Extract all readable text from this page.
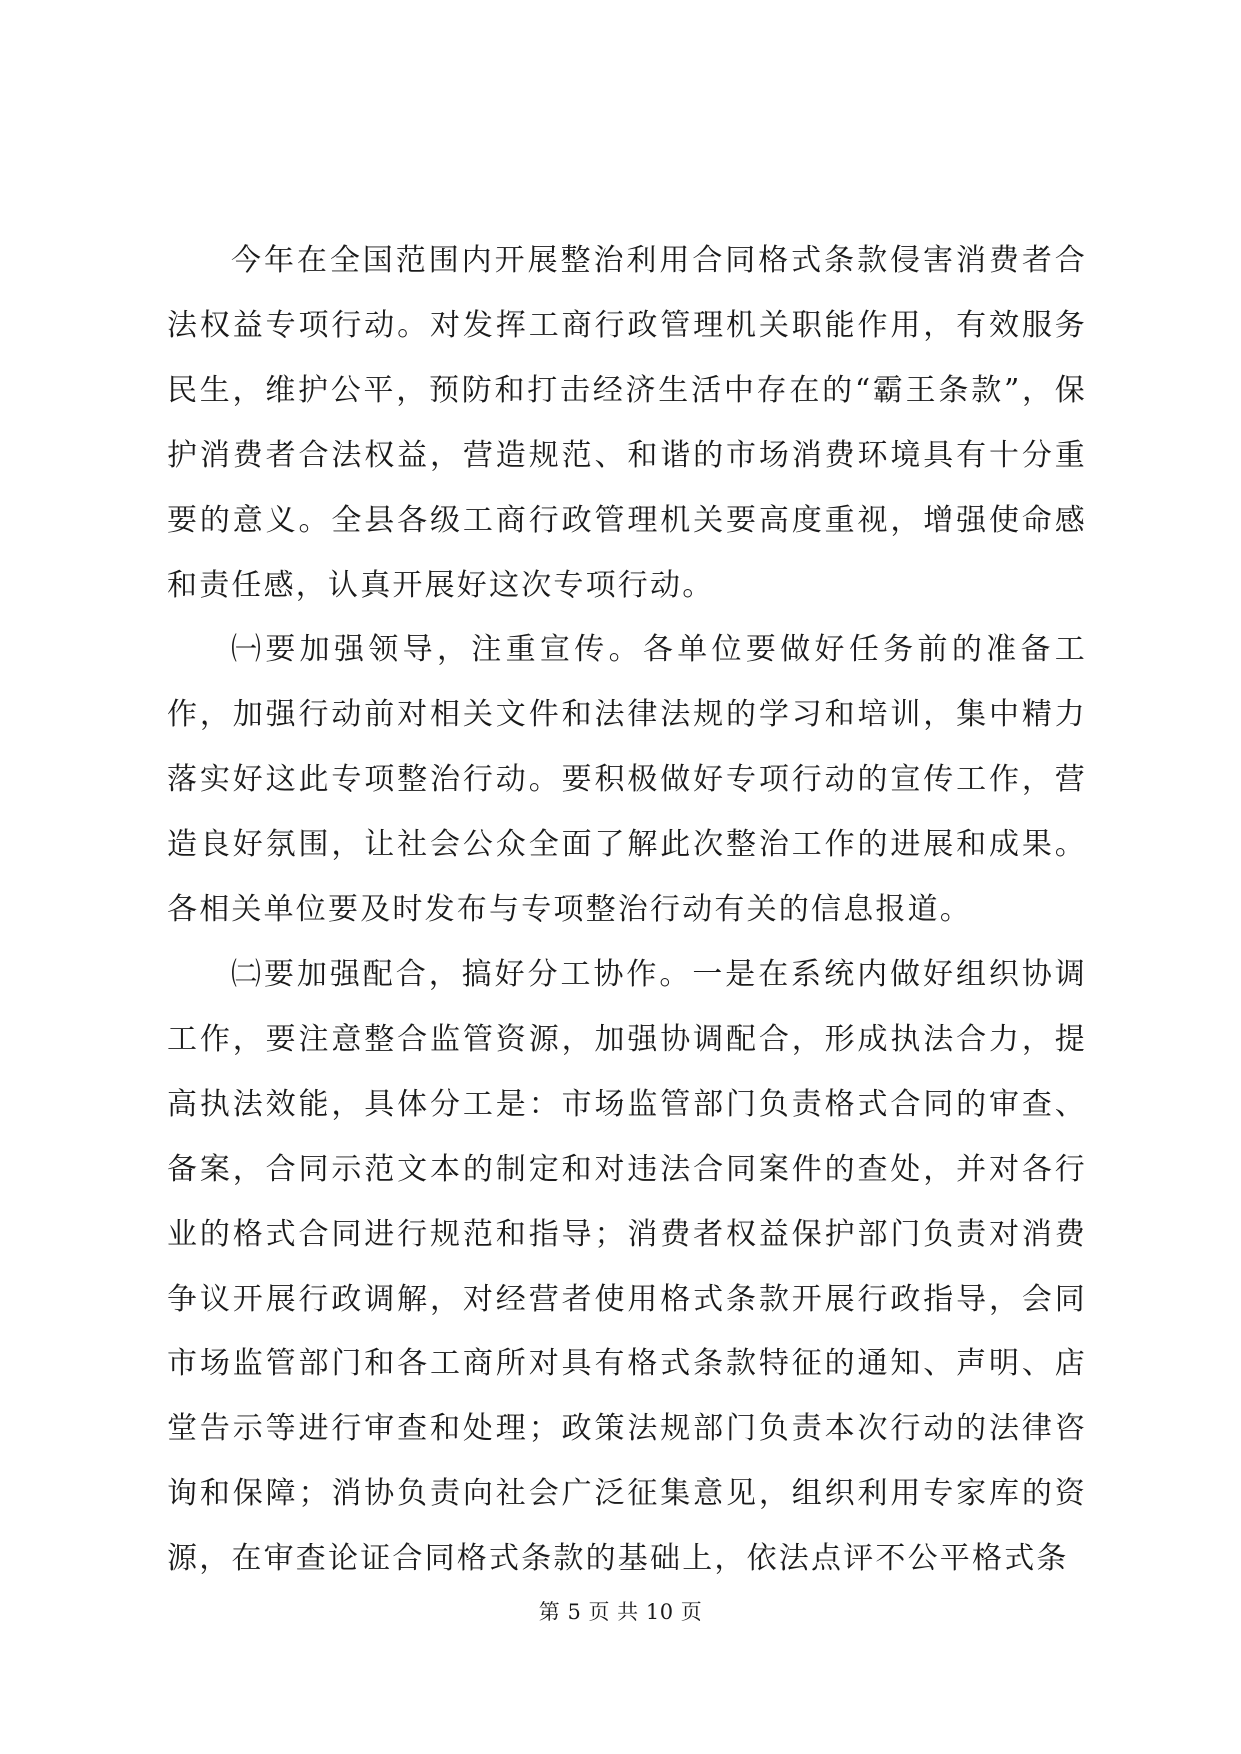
今年在全国范围内开展整治利用合同格式条款侵害消费者合法权益专项行动。对发挥工商行政管理机关职能作用，有效服务民生，维护公平，预防和打击经济生活中存在的“霸王条款”，保护消费者合法权益，营造规范、和谐的市场消费环境具有十分重要的意义。全县各级工商行政管理机关要高度重视，增强使命感和责任感，认真开展好这次专项行动。

㈠要加强领导，注重宣传。各单位要做好任务前的准备工作，加强行动前对相关文件和法律法规的学习和培训，集中精力落实好这此专项整治行动。要积极做好专项行动的宣传工作，营造良好氛围，让社会公众全面了解此次整治工作的进展和成果。各相关单位要及时发布与专项整治行动有关的信息报道。

㈡要加强配合，搞好分工协作。一是在系统内做好组织协调工作，要注意整合监管资源，加强协调配合，形成执法合力，提高执法效能，具体分工是：市场监管部门负责格式合同的审查、备案，合同示范文本的制定和对违法合同案件的查处，并对各行业的格式合同进行规范和指导；消费者权益保护部门负责对消费争议开展行政调解，对经营者使用格式条款开展行政指导，会同市场监管部门和各工商所对具有格式条款特征的通知、声明、店堂告示等进行审查和处理；政策法规部门负责本次行动的法律咨询和保障；消协负责向社会广泛征集意见，组织利用专家库的资源，在审查论证合同格式条款的基础上，依法点评不公平格式条

第 5 页 共 10 页
